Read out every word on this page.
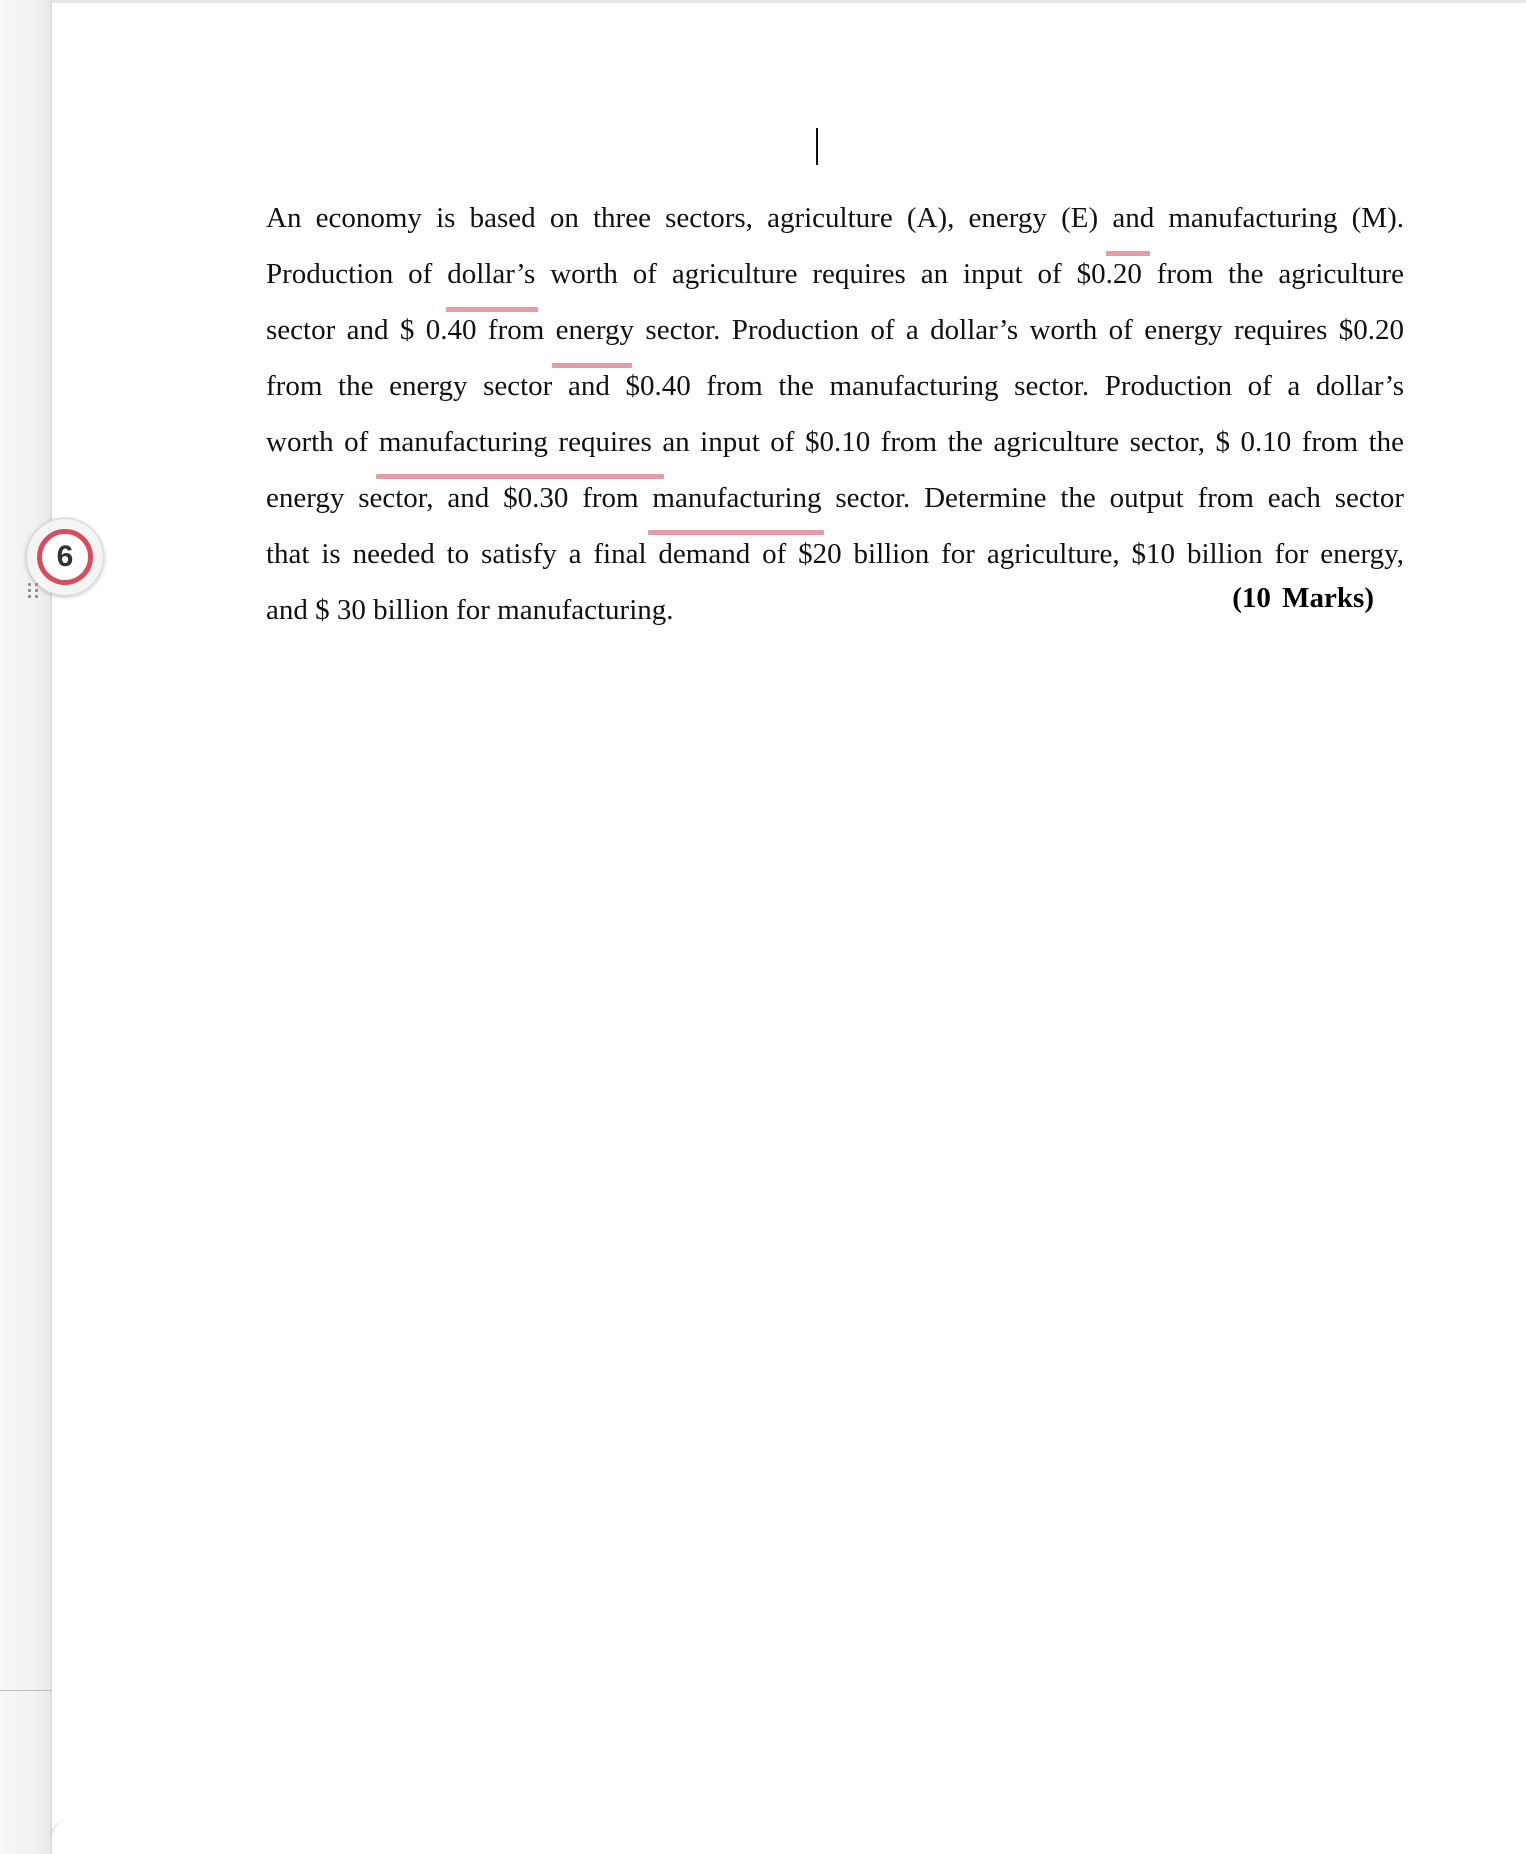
6
An economy is based on three sectors, agriculture (A), energy (E) and manufacturing (M).
Production of dollar’s worth of agriculture requires an input of $0.20 from the agriculture
sector and $ 0.40 from energy sector. Production of a dollar’s worth of energy requires $0.20
from the energy sector and $0.40 from the manufacturing sector. Production of a dollar’s
worth of manufacturing requires an input of $0.10 from the agriculture sector, $ 0.10 from the
energy sector, and $0.30 from manufacturing sector. Determine the output from each sector
that is needed to satisfy a final demand of $20 billion for agriculture, $10 billion for energy,
and $ 30 billion for manufacturing.	(10 Marks)
